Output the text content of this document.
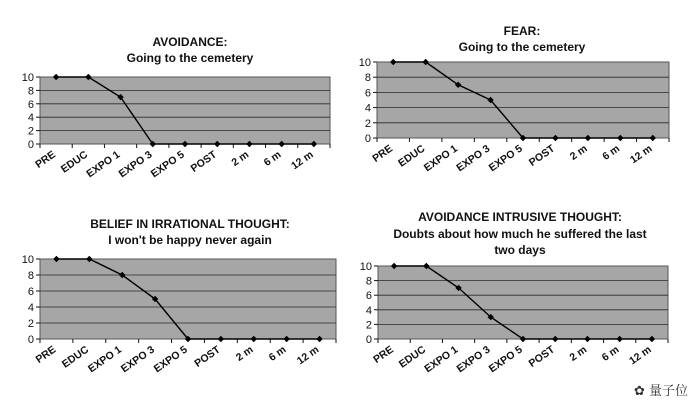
AVOIDANCE:
Going to the cemetery
0
2
4
6
8
10
PRE EDUC
EXPO 1
EXPO 3
EXPO 5 POST 2 m 6 m 12 m
FEAR:
Going to the cemetery
0
2
4
6
8
10
PRE EDUC
EXPO 1
EXPO 3
EXPO 5 POST 2 m 6 m 12 m
BELIEF IN IRRATIONAL THOUGHT:
I won't be happy never again
0
2
4
6
8
10
PRE EDUC
EXPO 1
EXPO 3
EXPO 5 POST 2 m 6 m 12 m
AVOIDANCE INTRUSIVE THOUGHT:
Doubts about how much he suffered the last
two days
0
2
4
6
8
10
PRE EDUC
EXPO 1
EXPO 3
EXPO 5 POST 2 m 6 m 12 m
✿ 量子位
